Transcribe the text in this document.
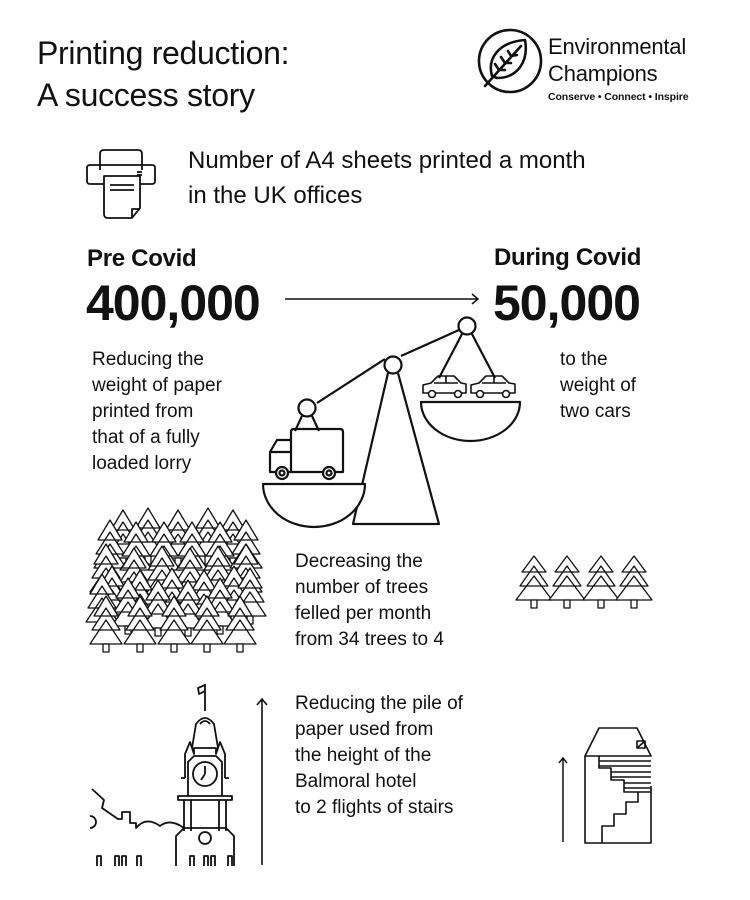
Printing reduction:
A success story
Environmental
Champions
Conserve • Connect • Inspire
Number of A4 sheets printed a month
in the UK offices
Pre Covid
400,000
During Covid
50,000
Reducing the
weight of paper
printed from
that of a fully
loaded lorry
to the
weight of
two cars
Decreasing the
number of trees
felled per month
from 34 trees to 4
Reducing the pile of
paper used from
the height of the
Balmoral hotel
to 2 flights of stairs
